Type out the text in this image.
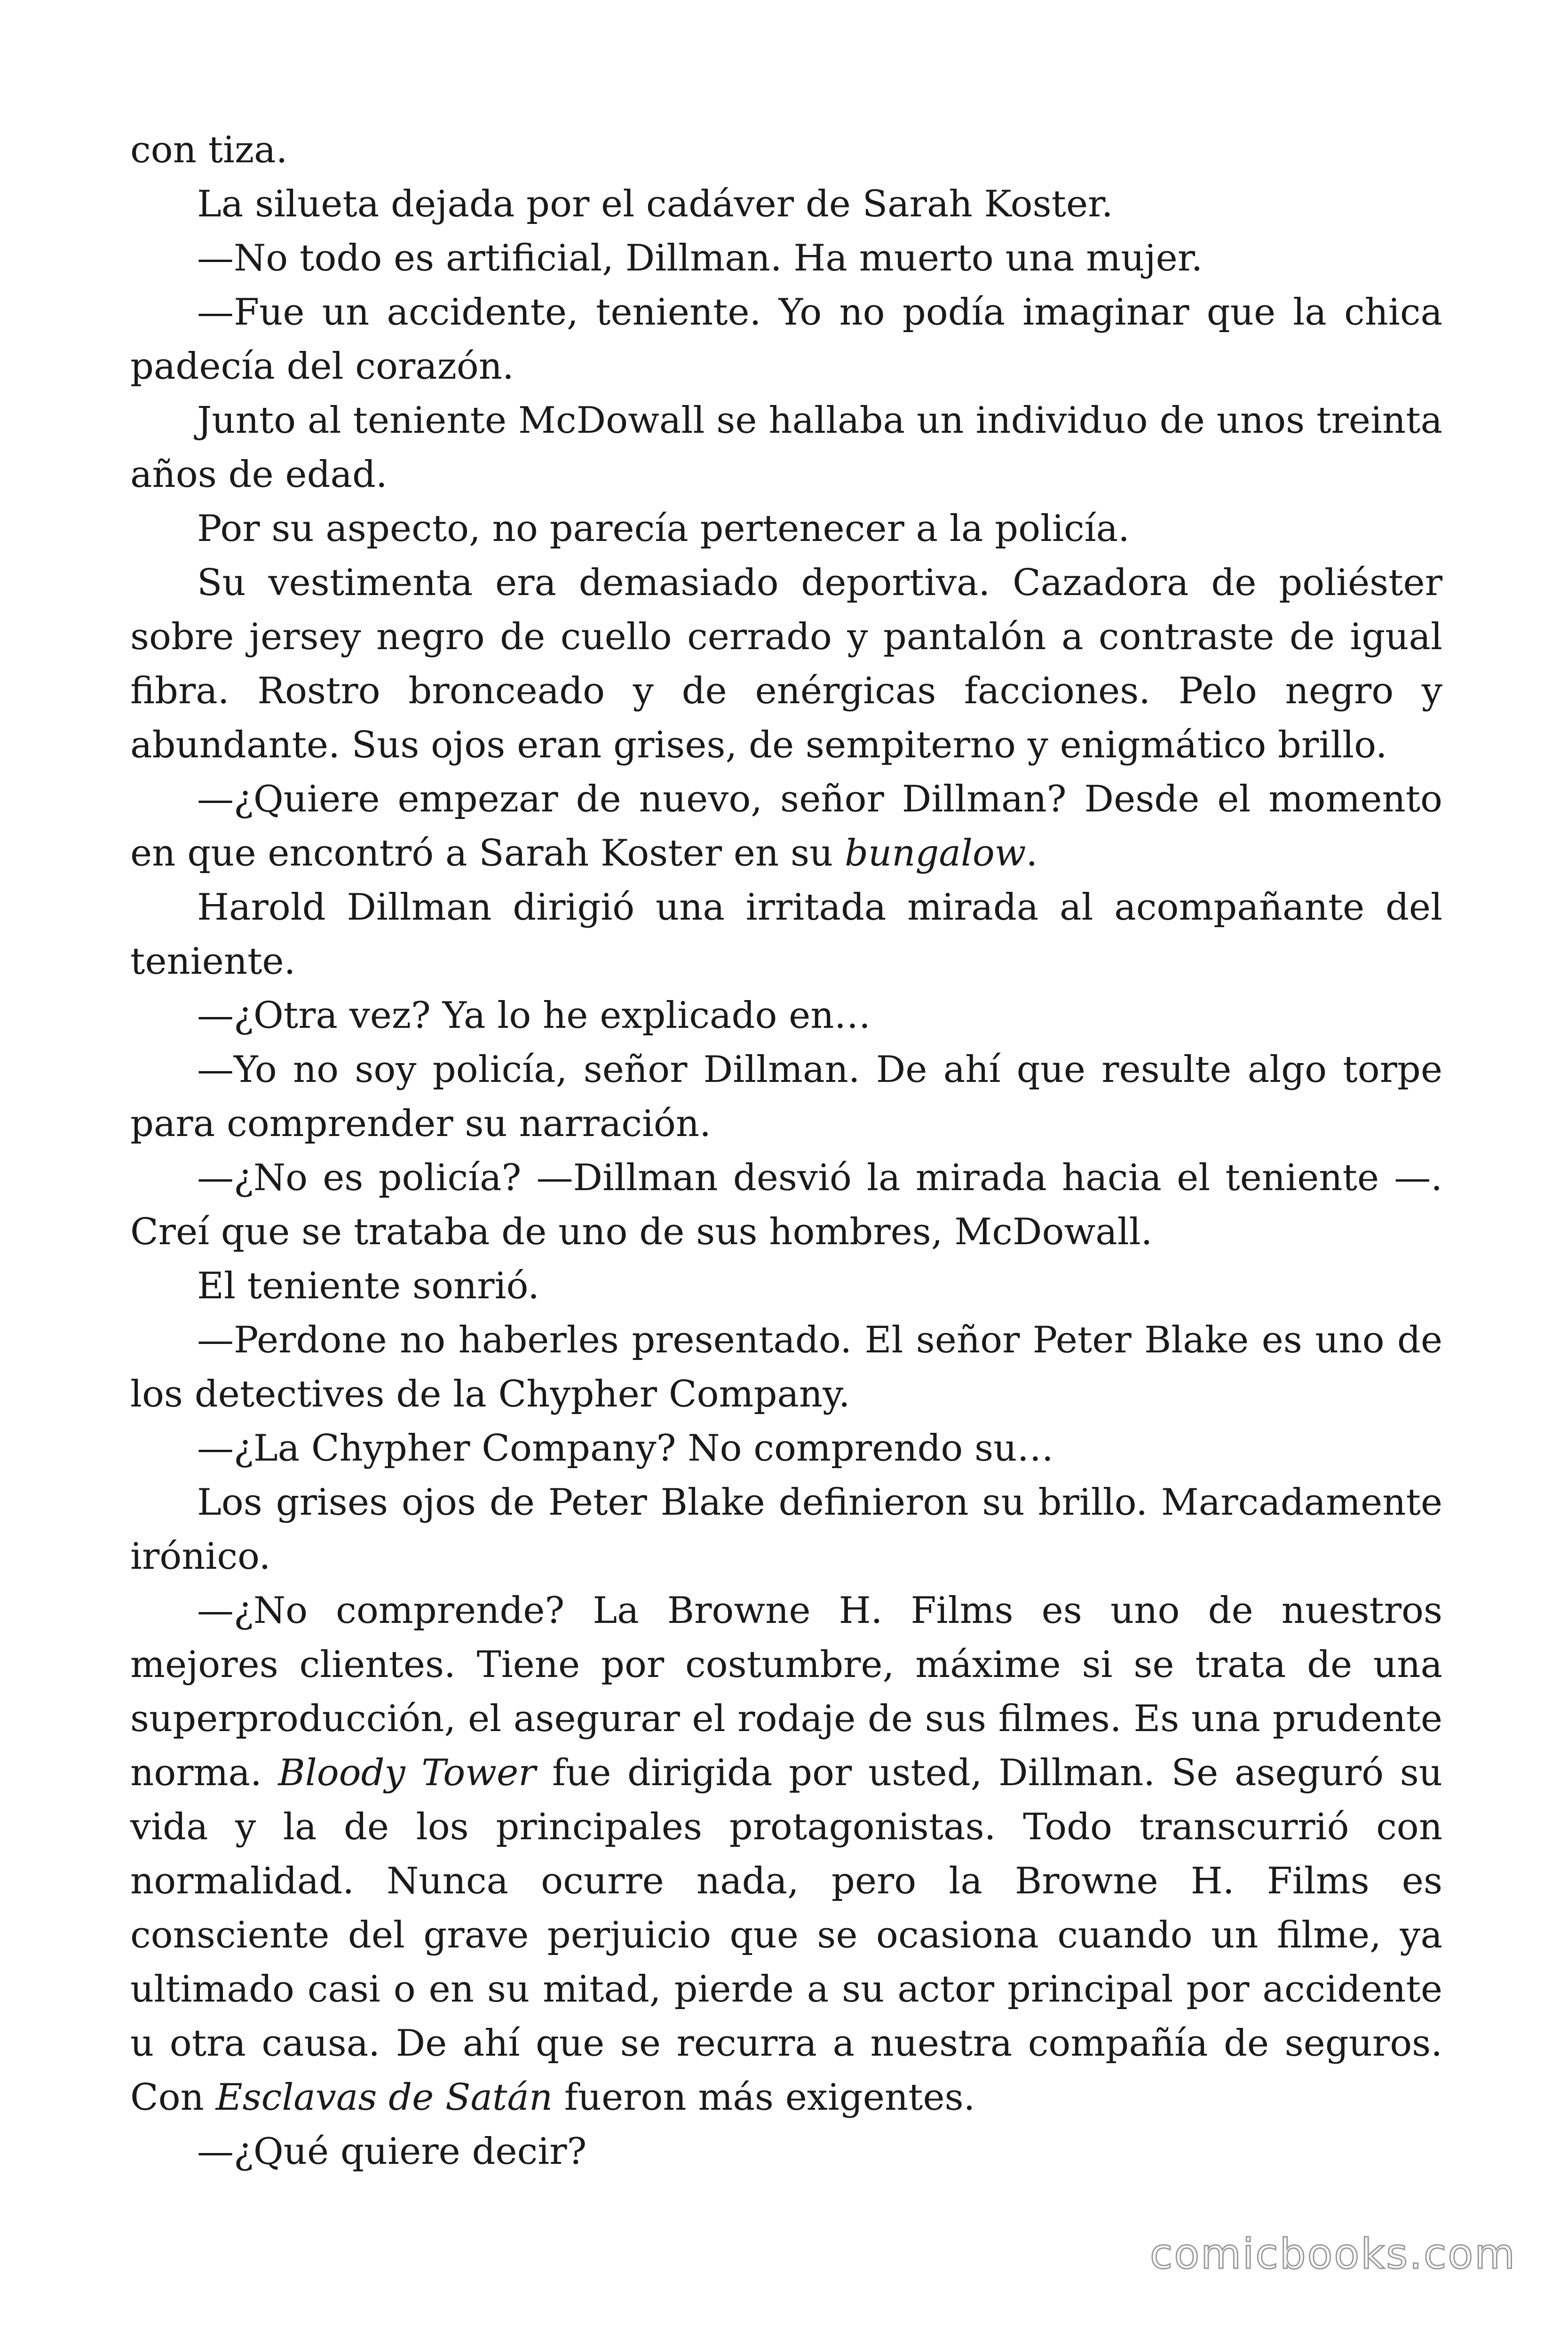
con tiza.

La silueta dejada por el cadáver de Sarah Koster.

—No todo es artificial, Dillman. Ha muerto una mujer.

—Fue un accidente, teniente. Yo no podía imaginar que la chica padecía del corazón.

Junto al teniente McDowall se hallaba un individuo de unos treinta años de edad.

Por su aspecto, no parecía pertenecer a la policía.

Su vestimenta era demasiado deportiva. Cazadora de poliéster sobre jersey negro de cuello cerrado y pantalón a contraste de igual fibra. Rostro bronceado y de enérgicas facciones. Pelo negro y abundante. Sus ojos eran grises, de sempiterno y enigmático brillo.

—¿Quiere empezar de nuevo, señor Dillman? Desde el momento en que encontró a Sarah Koster en su bungalow.

Harold Dillman dirigió una irritada mirada al acompañante del teniente.

—¿Otra vez? Ya lo he explicado en…

—Yo no soy policía, señor Dillman. De ahí que resulte algo torpe para comprender su narración.

—¿No es policía? —Dillman desvió la mirada hacia el teniente —. Creí que se trataba de uno de sus hombres, McDowall.

El teniente sonrió.

—Perdone no haberles presentado. El señor Peter Blake es uno de los detectives de la Chypher Company.

—¿La Chypher Company? No comprendo su…

Los grises ojos de Peter Blake definieron su brillo. Marcadamente irónico.

—¿No comprende? La Browne H. Films es uno de nuestros mejores clientes. Tiene por costumbre, máxime si se trata de una superproducción, el asegurar el rodaje de sus filmes. Es una prudente norma. Bloody Tower fue dirigida por usted, Dillman. Se aseguró su vida y la de los principales protagonistas. Todo transcurrió con normalidad. Nunca ocurre nada, pero la Browne H. Films es consciente del grave perjuicio que se ocasiona cuando un filme, ya ultimado casi o en su mitad, pierde a su actor principal por accidente u otra causa. De ahí que se recurra a nuestra compañía de seguros. Con Esclavas de Satán fueron más exigentes.

—¿Qué quiere decir?

comicbooks.com
